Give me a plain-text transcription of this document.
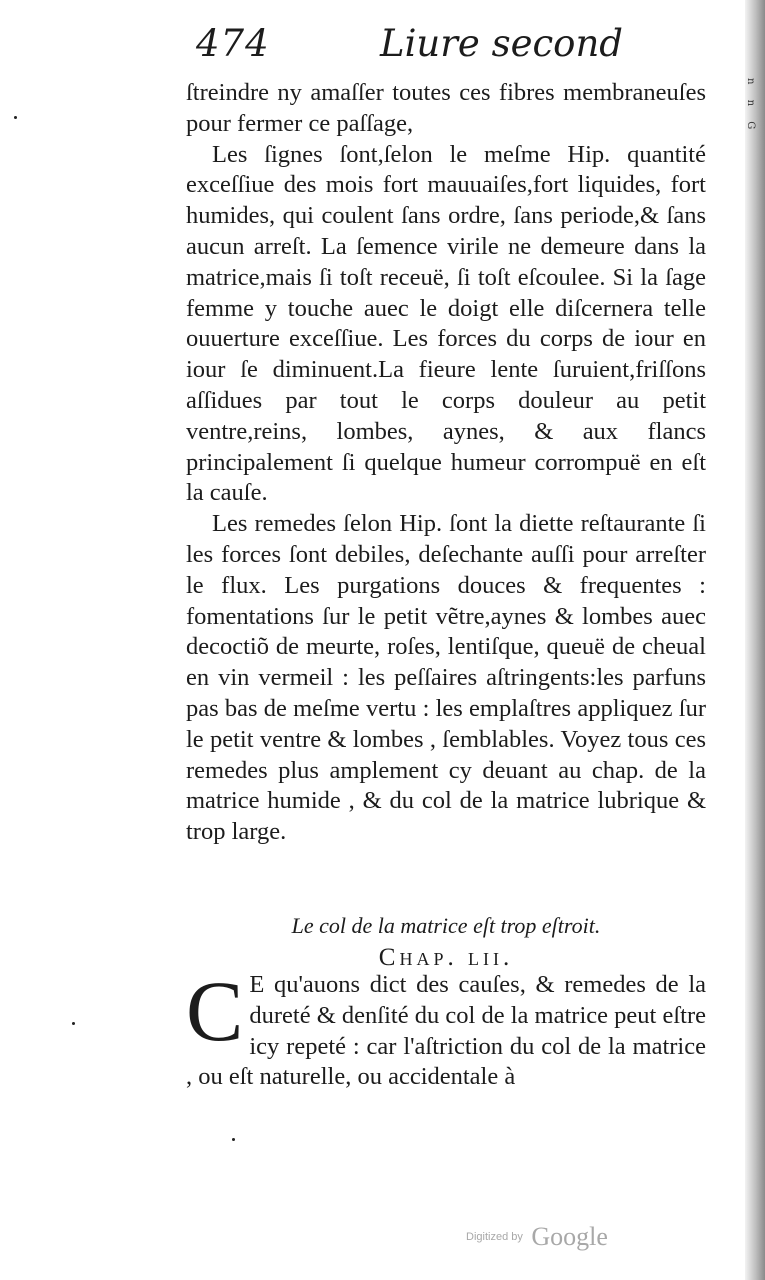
n n G
474	Liure second

ſtreindre ny amaſſer toutes ces fibres membraneuſes pour fermer ce paſſage,

Les ſignes ſont,ſelon le meſme Hip. quantité exceſſiue des mois fort mauuaiſes,fort liquides, fort humides, qui coulent ſans ordre, ſans periode,& ſans aucun arreſt. La ſemence virile ne demeure dans la matrice,mais ſi toſt receuë, ſi toſt eſcoulee. Si la ſage femme y touche auec le doigt elle diſcernera telle ouuerture exceſſiue. Les forces du corps de iour en iour ſe diminuent.La fieure lente ſuruient,friſſons aſſidues par tout le corps douleur au petit ventre,reins, lombes, aynes, & aux flancs principalement ſi quelque humeur corrompuë en eſt la cauſe.

Les remedes ſelon Hip. ſont la diette reſtaurante ſi les forces ſont debiles, deſechante auſſi pour arreſter le flux. Les purgations douces & frequentes : fomentations ſur le petit vẽtre,aynes & lombes auec decoctiõ de meurte, roſes, lentiſque, queuë de cheual en vin vermeil : les peſſaires aſtringents:les parfuns pas bas de meſme vertu : les emplaſtres appliquez ſur le petit ventre & lombes , ſemblables. Voyez tous ces remedes plus amplement cy deuant au chap. de la matrice humide , & du col de la matrice lubrique & trop large.

Le col de la matrice eſt trop eſtroit.

Chap. lii.

C E qu'auons dict des cauſes, & remedes de la dureté & denſité du col de la matrice peut eſtre icy repeté : car l'aſtriction du col de la matrice , ou eſt naturelle, ou accidentale à
Digitized by Google
